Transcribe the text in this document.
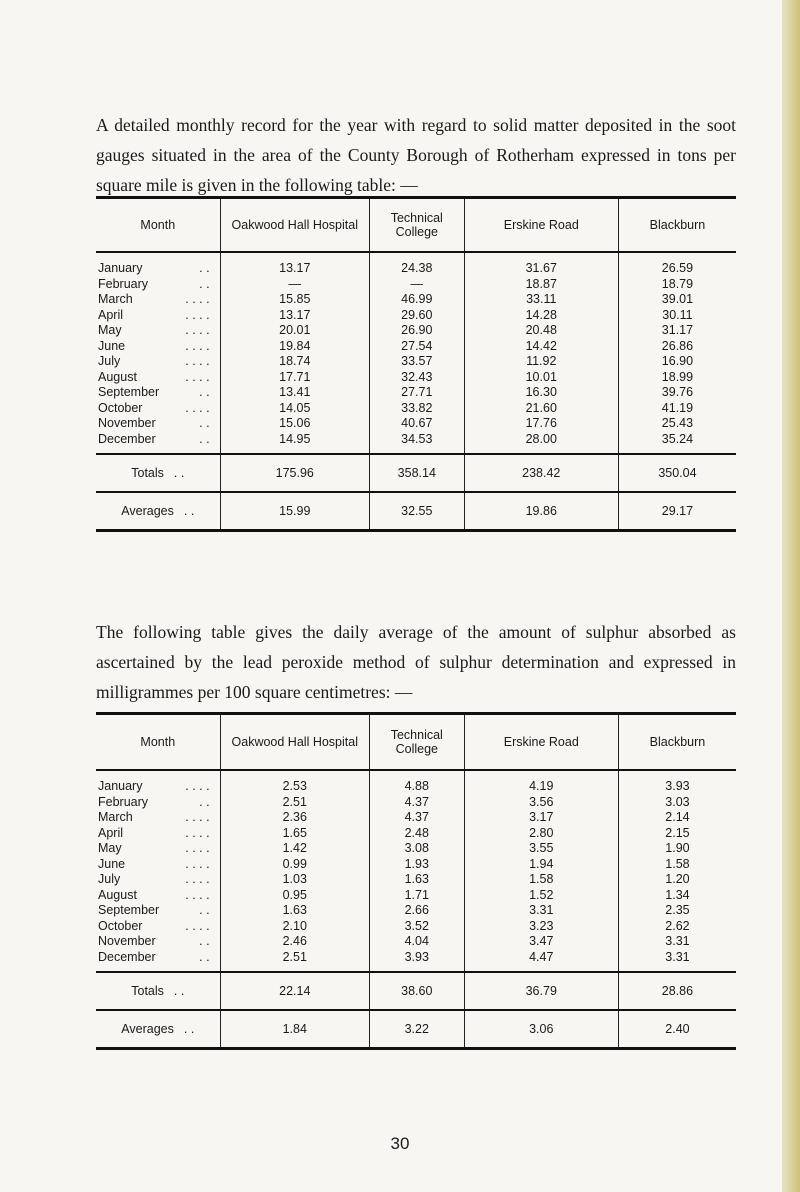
A detailed monthly record for the year with regard to solid matter deposited in the soot gauges situated in the area of the County Borough of Rotherham expressed in tons per square mile is given in the following table: —

Month	Oakwood Hall Hospital	Technical College	Erskine Road	Blackburn
January . .	13.17	24.38	31.67	26.59
February . .	—	—	18.87	18.79
March . . . .	15.85	46.99	33.11	39.01
April . . . .	13.17	29.60	14.28	30.11
May . . . .	20.01	26.90	20.48	31.17
June . . . .	19.84	27.54	14.42	26.86
July . . . .	18.74	33.57	11.92	16.90
August . . . .	17.71	32.43	10.01	18.99
September . .	13.41	27.71	16.30	39.76
October . . . .	14.05	33.82	21.60	41.19
November . .	15.06	40.67	17.76	25.43
December . .	14.95	34.53	28.00	35.24
Totals . .	175.96	358.14	238.42	350.04
Averages . .	15.99	32.55	19.86	29.17

The following table gives the daily average of the amount of sulphur absorbed as ascertained by the lead peroxide method of sulphur determination and expressed in milligrammes per 100 square centimetres: —

Month	Oakwood Hall Hospital	Technical College	Erskine Road	Blackburn
January . . . .	2.53	4.88	4.19	3.93
February . .	2.51	4.37	3.56	3.03
March . . . .	2.36	4.37	3.17	2.14
April . . . .	1.65	2.48	2.80	2.15
May . . . .	1.42	3.08	3.55	1.90
June . . . .	0.99	1.93	1.94	1.58
July . . . .	1.03	1.63	1.58	1.20
August . . . .	0.95	1.71	1.52	1.34
September . .	1.63	2.66	3.31	2.35
October . . . .	2.10	3.52	3.23	2.62
November . .	2.46	4.04	3.47	3.31
December . .	2.51	3.93	4.47	3.31
Totals . .	22.14	38.60	36.79	28.86
Averages . .	1.84	3.22	3.06	2.40
30
